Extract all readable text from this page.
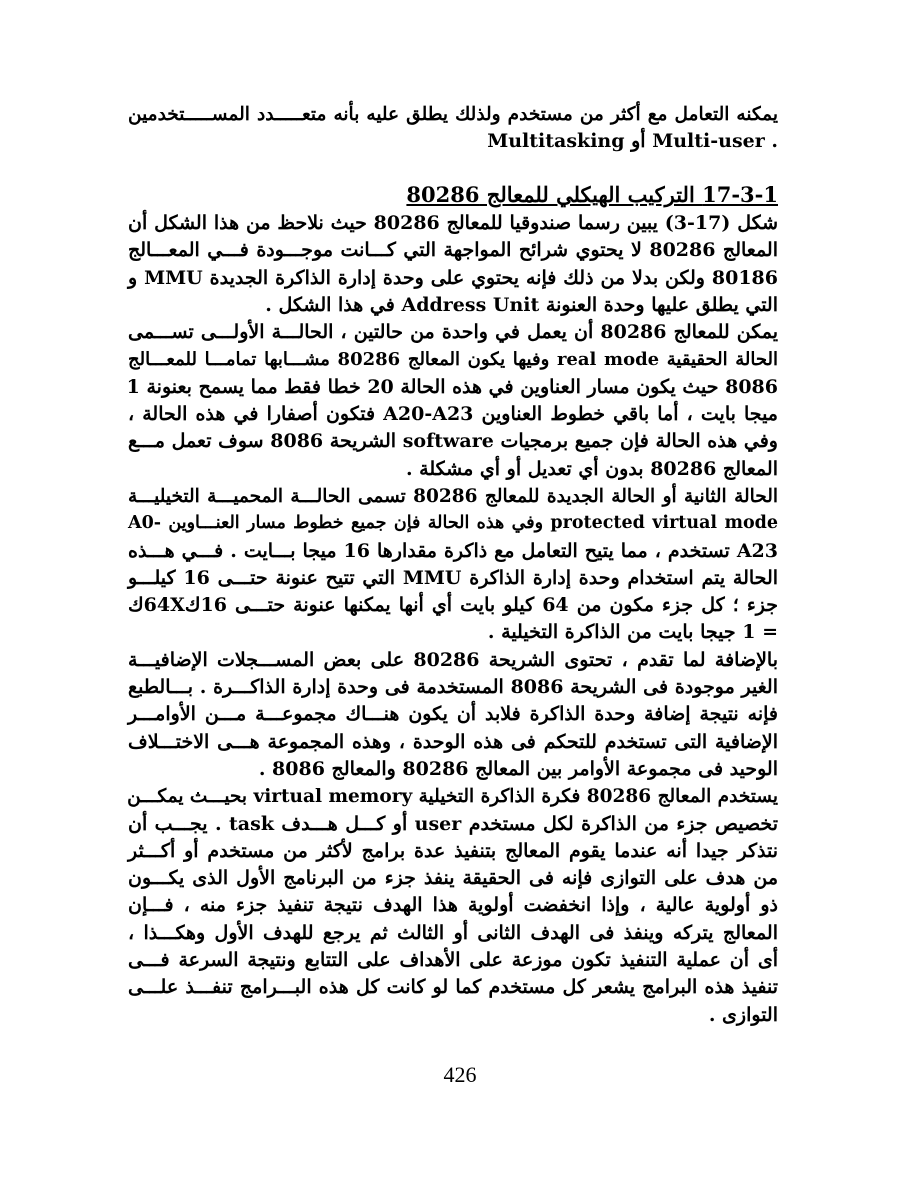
يمكنه التعامل مع أكثر من مستخدم ولذلك يطلق عليه بأنه متعـــــدد المســـــتخدمين
. Multi-user أو Multitasking
17-3-1 التركيب الهيكلي للمعالج 80286
شكل (17-3) يبين رسما صندوقيا للمعالج 80286 حيث نلاحظ من هذا الشكل أن
المعالج 80286 لا يحتوي شرائح المواجهة التي كـــانت موجـــودة فـــي المعـــالج
80186 ولكن بدلا من ذلك فإنه يحتوي على وحدة إدارة الذاكرة الجديدة MMU و
التي يطلق عليها وحدة العنونة Address Unit في هذا الشكل .
يمكن للمعالج 80286 أن يعمل في واحدة من حالتين ، الحالـــة الأولـــى تســـمى
الحالة الحقيقية real mode وفيها يكون المعالج 80286 مشـــابها تمامـــا للمعـــالج
8086 حيث يكون مسار العناوين في هذه الحالة 20 خطا فقط مما يسمح بعنونة 1
ميجا بايت ، أما باقي خطوط العناوين A20-A23 فتكون أصفارا في هذه الحالة ،
وفي هذه الحالة فإن جميع برمجيات software الشريحة 8086 سوف تعمل مـــع
المعالج 80286 بدون أي تعديل أو أي مشكلة .
الحالة الثانية أو الحالة الجديدة للمعالج 80286 تسمى الحالـــة المحميـــة التخيليـــة
protected virtual mode وفي هذه الحالة فإن جميع خطوط مسار العنـــاوين -A0
A23 تستخدم ، مما يتيح التعامل مع ذاكرة مقدارها 16 ميجا بـــايت . فـــي هـــذه
الحالة يتم استخدام وحدة إدارة الذاكرة MMU التي تتيح عنونة حتـــى 16 كيلـــو
جزء ؛ كل جزء مكون من 64 كيلو بايت أي أنها يمكنها عنونة حتـــى 16ك64Xك
= 1 جيجا بايت من الذاكرة التخيلية .
بالإضافة لما تقدم ، تحتوى الشريحة 80286 على بعض المســـجلات الإضافيـــة
الغير موجودة فى الشريحة 8086 المستخدمة فى وحدة إدارة الذاكـــرة . بـــالطبع
فإنه نتيجة إضافة وحدة الذاكرة فلابد أن يكون هنـــاك مجموعـــة مـــن الأوامـــر
الإضافية التى تستخدم للتحكم فى هذه الوحدة ، وهذه المجموعة هـــى الاختـــلاف
الوحيد فى مجموعة الأوامر بين المعالج 80286 والمعالج 8086 .
يستخدم المعالج 80286 فكرة الذاكرة التخيلية virtual memory بحيـــث يمكـــن
تخصيص جزء من الذاكرة لكل مستخدم user أو كـــل هـــدف task . يجـــب أن
نتذكر جيدا أنه عندما يقوم المعالج بتنفيذ عدة برامج لأكثر من مستخدم أو أكـــثر
من هدف على التوازى فإنه فى الحقيقة ينفذ جزء من البرنامج الأول الذى يكـــون
ذو أولوية عالية ، وإذا انخفضت أولوية هذا الهدف نتيجة تنفيذ جزء منه ، فـــإن
المعالج يتركه وينفذ فى الهدف الثانى أو الثالث ثم يرجع للهدف الأول وهكـــذا ،
أى أن عملية التنفيذ تكون موزعة على الأهداف على التتابع ونتيجة السرعة فـــى
تنفيذ هذه البرامج يشعر كل مستخدم كما لو كانت كل هذه البـــرامج تنفـــذ علـــى
التوازى .
426
